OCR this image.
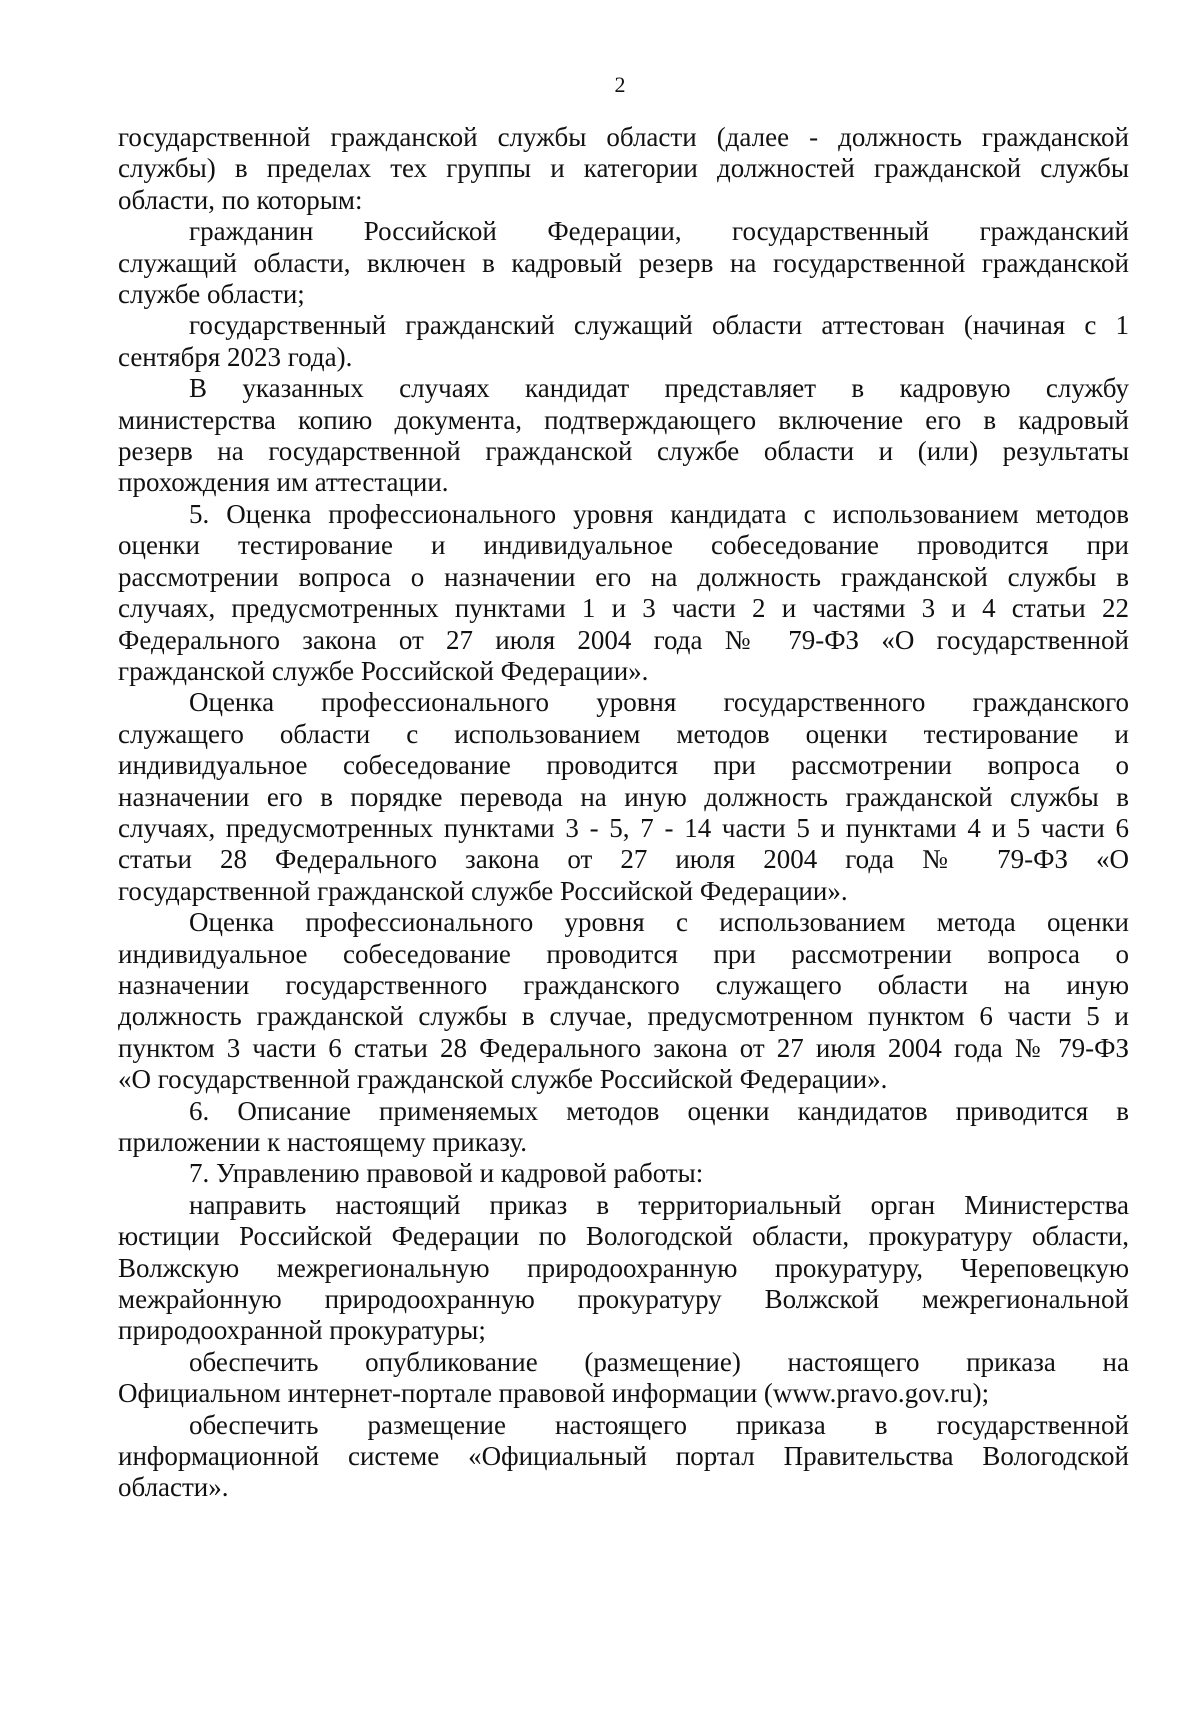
2
государственной гражданской службы области (далее - должность гражданской
службы) в пределах тех группы и категории должностей гражданской службы
области, по которым:
гражданин Российской Федерации, государственный гражданский
служащий области, включен в кадровый резерв на государственной гражданской
службе области;
государственный гражданский служащий области аттестован (начиная с 1
сентября 2023 года).
В указанных случаях кандидат представляет в кадровую службу
министерства копию документа, подтверждающего включение его в кадровый
резерв на государственной гражданской службе области и (или) результаты
прохождения им аттестации.
5. Оценка профессионального уровня кандидата с использованием методов
оценки тестирование и индивидуальное собеседование проводится при
рассмотрении вопроса о назначении его на должность гражданской службы в
случаях, предусмотренных пунктами 1 и 3 части 2 и частями 3 и 4 статьи 22
Федерального закона от 27 июля 2004 года № 79-ФЗ «О государственной
гражданской службе Российской Федерации».
Оценка профессионального уровня государственного гражданского
служащего области с использованием методов оценки тестирование и
индивидуальное собеседование проводится при рассмотрении вопроса о
назначении его в порядке перевода на иную должность гражданской службы в
случаях, предусмотренных пунктами 3 - 5, 7 - 14 части 5 и пунктами 4 и 5 части 6
статьи 28 Федерального закона от 27 июля 2004 года № 79-ФЗ «О
государственной гражданской службе Российской Федерации».
Оценка профессионального уровня с использованием метода оценки
индивидуальное собеседование проводится при рассмотрении вопроса о
назначении государственного гражданского служащего области на иную
должность гражданской службы в случае, предусмотренном пунктом 6 части 5 и
пунктом 3 части 6 статьи 28 Федерального закона от 27 июля 2004 года № 79-ФЗ
«О государственной гражданской службе Российской Федерации».
6. Описание применяемых методов оценки кандидатов приводится в
приложении к настоящему приказу.
7. Управлению правовой и кадровой работы:
направить настоящий приказ в территориальный орган Министерства
юстиции Российской Федерации по Вологодской области, прокуратуру области,
Волжскую межрегиональную природоохранную прокуратуру, Череповецкую
межрайонную природоохранную прокуратуру Волжской межрегиональной
природоохранной прокуратуры;
обеспечить опубликование (размещение) настоящего приказа на
Официальном интернет-портале правовой информации (www.pravo.gov.ru);
обеспечить размещение настоящего приказа в государственной
информационной системе «Официальный портал Правительства Вологодской
области».
